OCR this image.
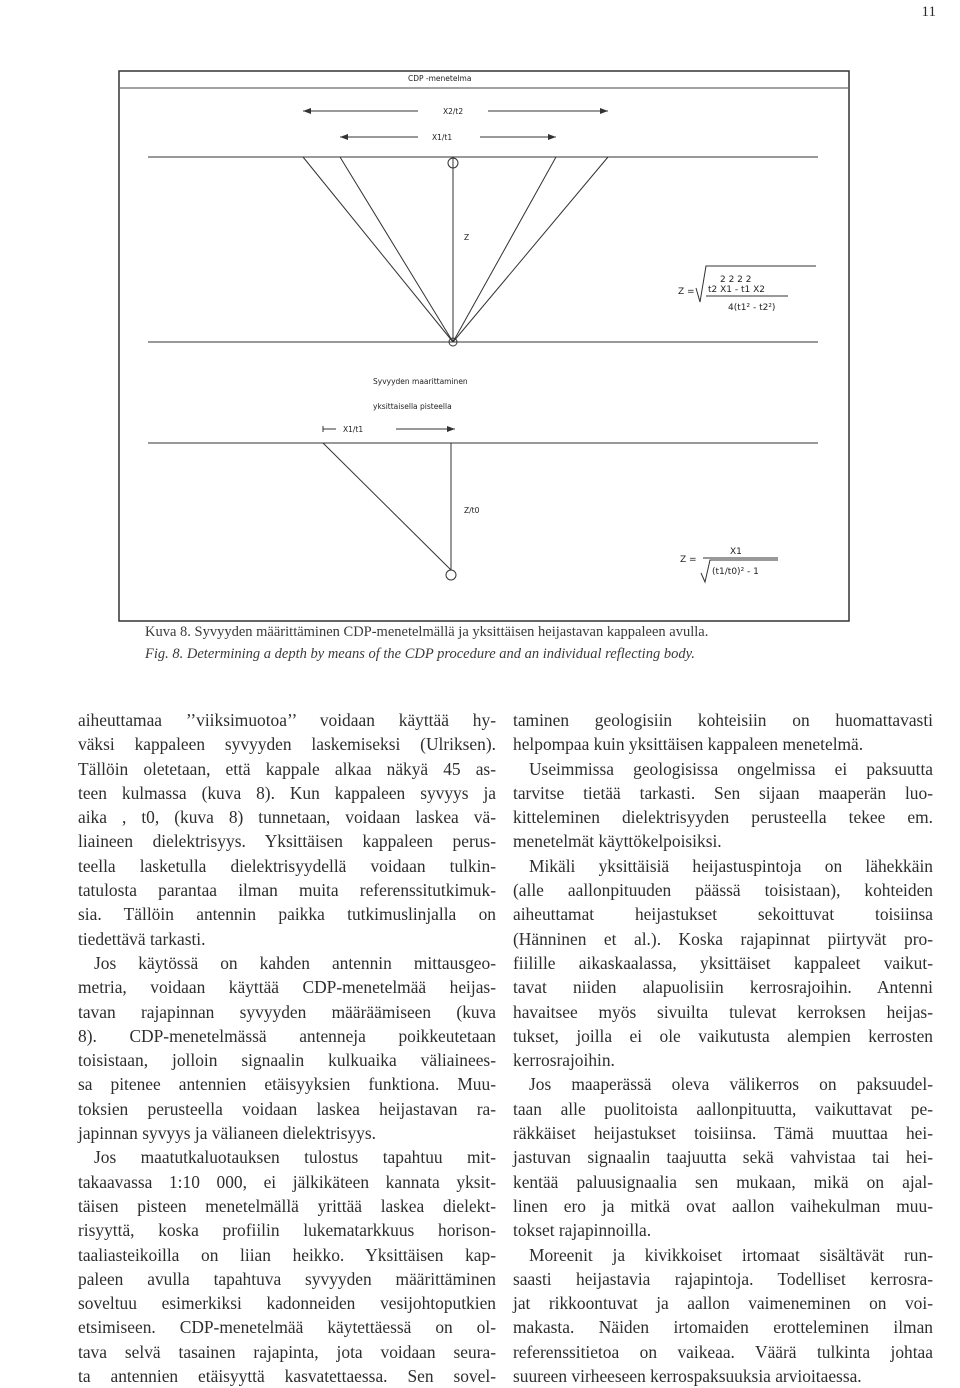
11
CDP -menetelma
X2/t2
X1/t1
Z
Z =
2 2 2 2
t2 X1 - t1 X2
4(t1² - t2²)
Syvyyden maarittaminen
yksittaisella pisteella
X1/t1
Z/t0
Z =
X1
(t1/t0)² - 1
Kuva 8. Syvyyden määrittäminen CDP-menetelmällä ja yksittäisen heijastavan kappaleen avulla.
Fig. 8. Determining a depth by means of the CDP procedure and an individual reflecting body.

aiheuttamaa ’’viiksimuotoa’’ voidaan käyttää hy-

väksi kappaleen syvyyden laskemiseksi (Ulriksen).

Tällöin oletetaan, että kappale alkaa näkyä 45 as-

teen kulmassa (kuva 8). Kun kappaleen syvyys ja

aika , t0, (kuva 8) tunnetaan, voidaan laskea vä-

liaineen dielektrisyys. Yksittäisen kappaleen perus-

teella lasketulla dielektrisyydellä voidaan tulkin-

tatulosta parantaa ilman muita referenssitutkimuk-

sia. Tällöin antennin paikka tutkimuslinjalla on

tiedettävä tarkasti.

Jos käytössä on kahden antennin mittausgeo-

metria, voidaan käyttää CDP-menetelmää heijas-

tavan rajapinnan syvyyden määräämiseen (kuva

8). CDP-menetelmässä antenneja poikkeutetaan

toisistaan, jolloin signaalin kulkuaika väliainees-

sa pitenee antennien etäisyyksien funktiona. Muu-

toksien perusteella voidaan laskea heijastavan ra-

japinnan syvyys ja välianeen dielektrisyys.

Jos maatutkaluotauksen tulostus tapahtuu mit-

takaavassa 1:10 000, ei jälkikäteen kannata yksit-

täisen pisteen menetelmällä yrittää laskea dielekt-

risyyttä, koska profiilin lukematarkkuus horison-

taaliasteikoilla on liian heikko. Yksittäisen kap-

paleen avulla tapahtuva syvyyden määrittäminen

soveltuu esimerkiksi kadonneiden vesijohtoputkien

etsimiseen. CDP-menetelmää käytettäessä on ol-

tava selvä tasainen rajapinta, jota voidaan seura-

ta antennien etäisyyttä kasvatettaessa. Sen sovel-

taminen geologisiin kohteisiin on huomattavasti

helpompaa kuin yksittäisen kappaleen menetelmä.

Useimmissa geologisissa ongelmissa ei paksuutta

tarvitse tietää tarkasti. Sen sijaan maaperän luo-

kitteleminen dielektrisyyden perusteella tekee em.

menetelmät käyttökelpoisiksi.

Mikäli yksittäisiä heijastuspintoja on lähekkäin

(alle aallonpituuden päässä toisistaan), kohteiden

aiheuttamat heijastukset sekoittuvat toisiinsa

(Hänninen et al.). Koska rajapinnat piirtyvät pro-

fiilille aikaskaalassa, yksittäiset kappaleet vaikut-

tavat niiden alapuolisiin kerrosrajoihin. Antenni

havaitsee myös sivuilta tulevat kerroksen heijas-

tukset, joilla ei ole vaikutusta alempien kerrosten

kerrosrajoihin.

Jos maaperässä oleva välikerros on paksuudel-

taan alle puolitoista aallonpituutta, vaikuttavat pe-

räkkäiset heijastukset toisiinsa. Tämä muuttaa hei-

jastuvan signaalin taajuutta sekä vahvistaa tai hei-

kentää paluusignaalia sen mukaan, mikä on ajal-

linen ero ja mitkä ovat aallon vaihekulman muu-

tokset rajapinnoilla.

Moreenit ja kivikkoiset irtomaat sisältävät run-

saasti heijastavia rajapintoja. Todelliset kerrosra-

jat rikkoontuvat ja aallon vaimeneminen on voi-

makasta. Näiden irtomaiden erotteleminen ilman

referenssitietoa on vaikeaa. Väärä tulkinta johtaa

suureen virheeseen kerrospaksuuksia arvioitaessa.
